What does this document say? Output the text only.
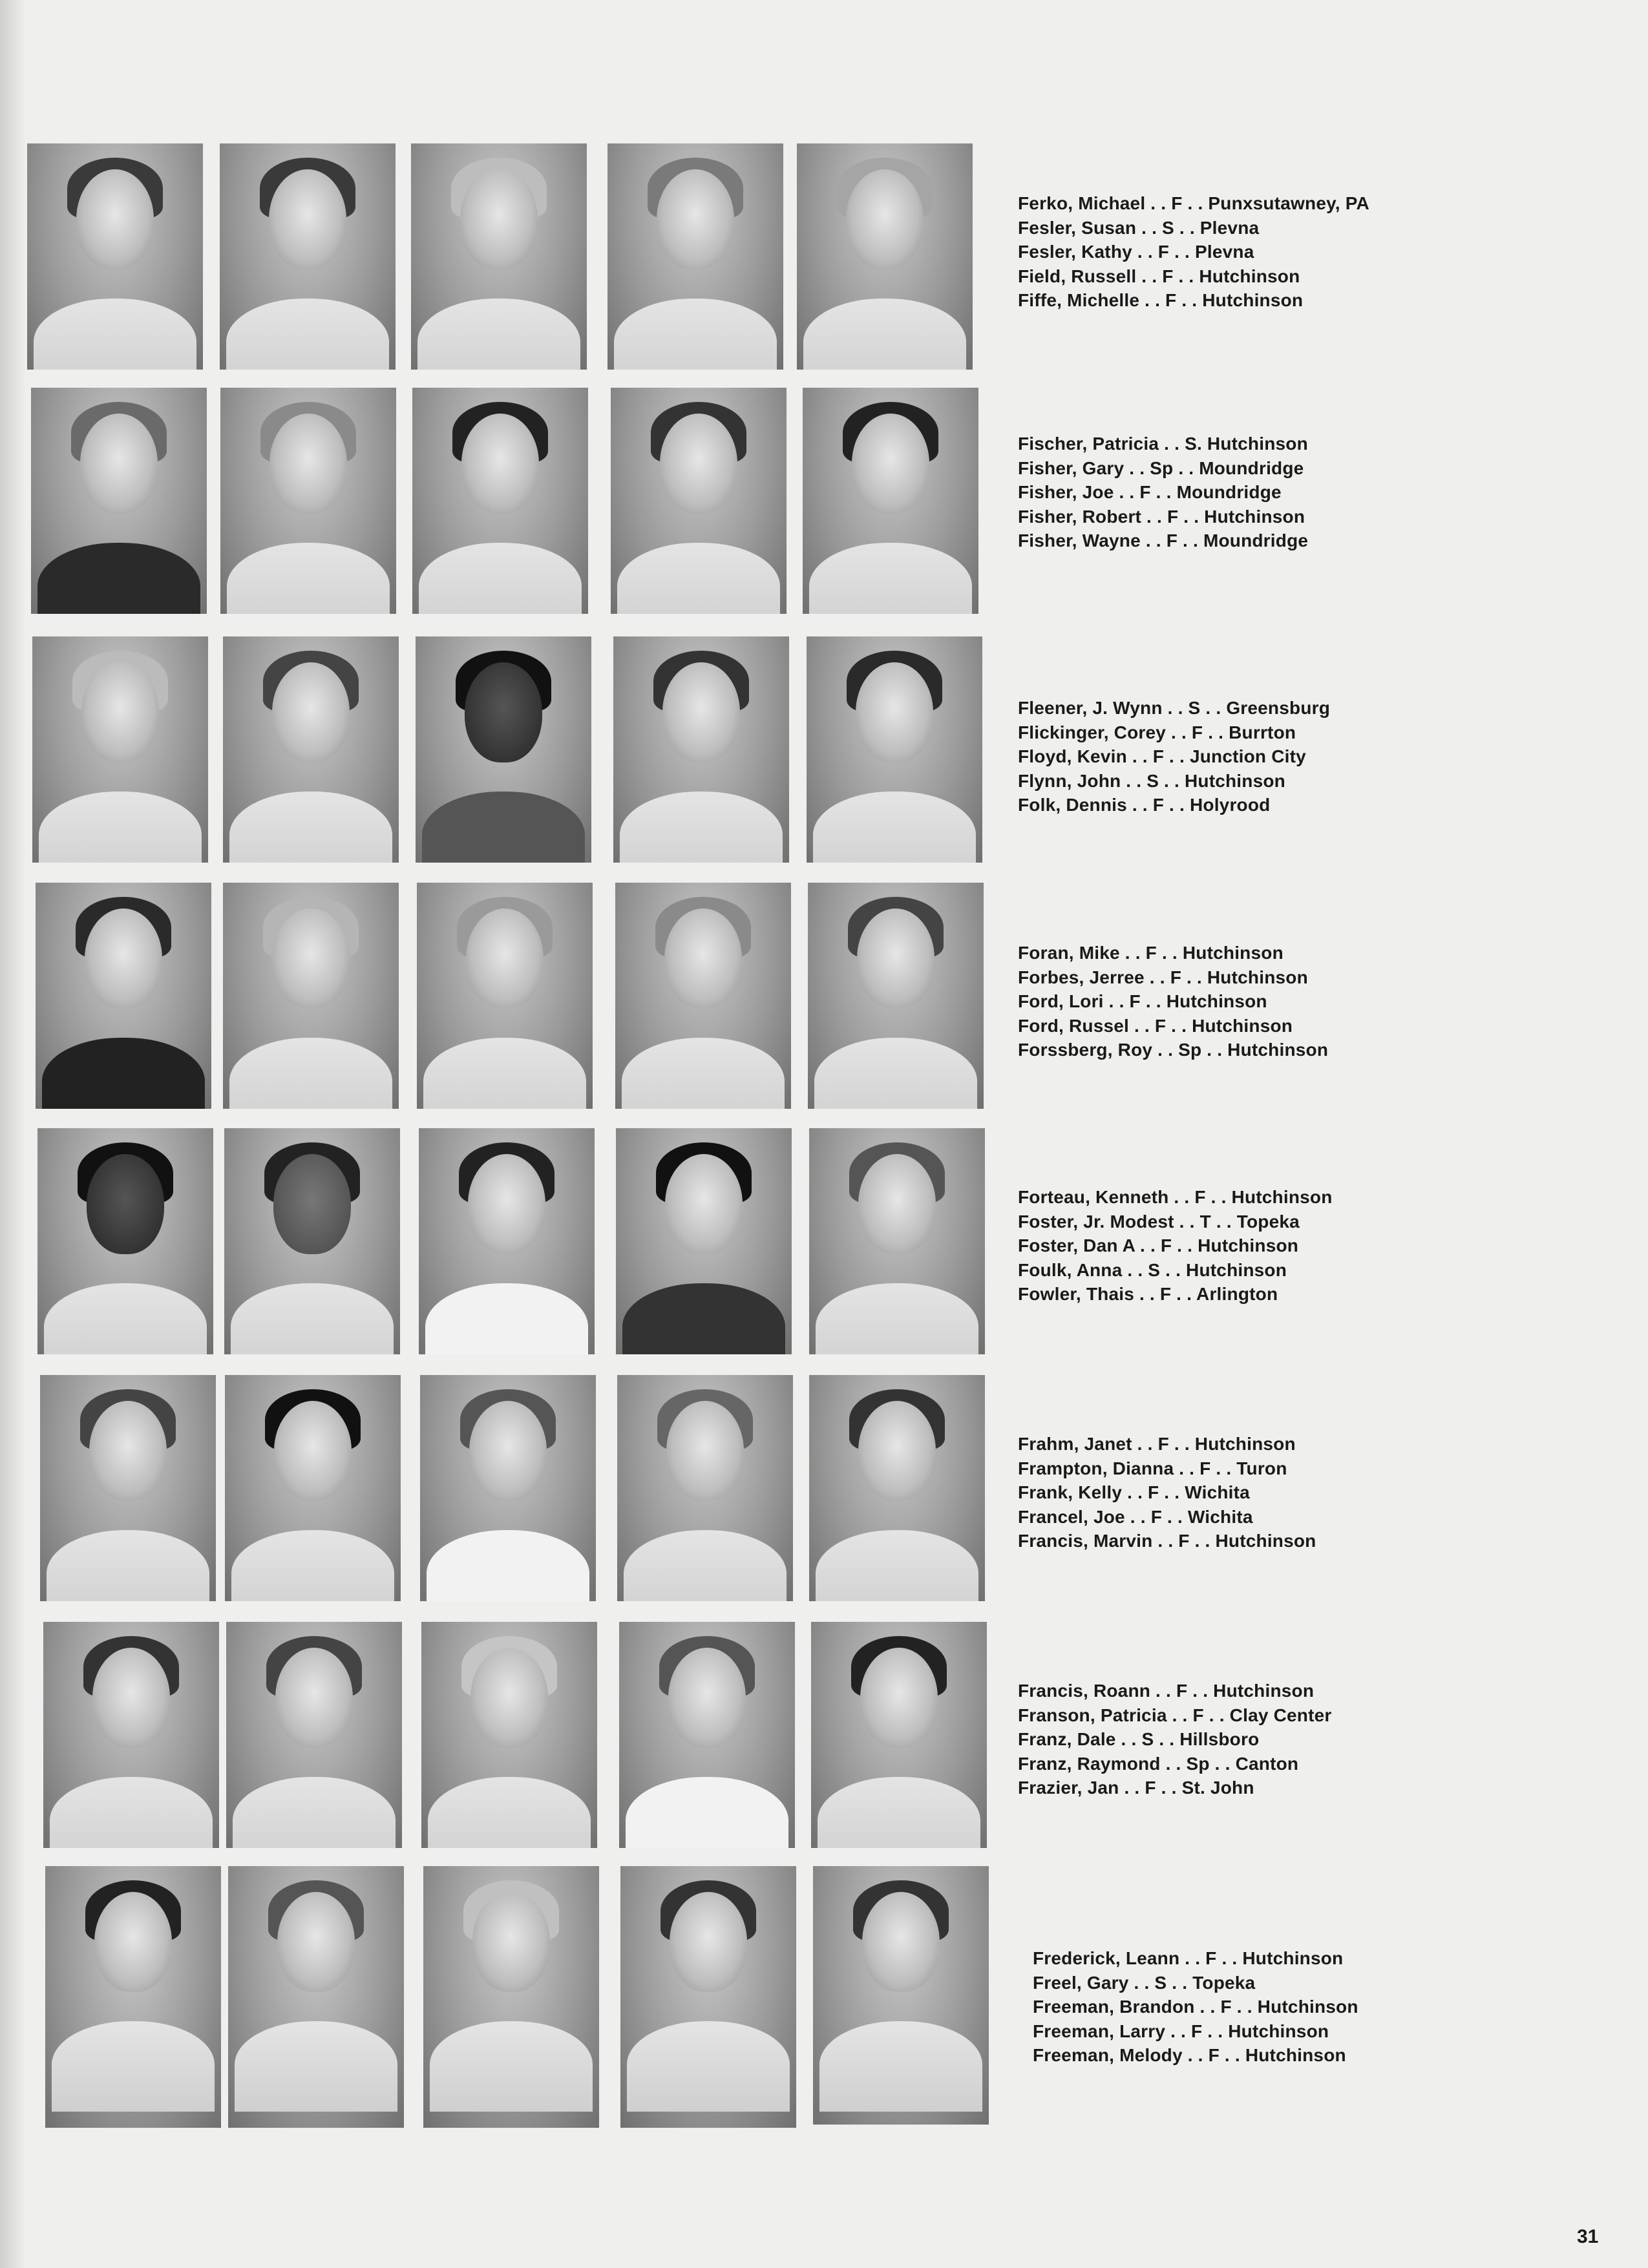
Ferko, Michael . . F . . Punxsutawney, PA
Fesler, Susan . . S . . Plevna
Fesler, Kathy . . F . . Plevna
Field, Russell . . F . . Hutchinson
Fiffe, Michelle . . F . . Hutchinson
Fischer, Patricia . . S. Hutchinson
Fisher, Gary . . Sp . . Moundridge
Fisher, Joe . . F . . Moundridge
Fisher, Robert . . F . . Hutchinson
Fisher, Wayne . . F . . Moundridge
Fleener, J. Wynn . . S . . Greensburg
Flickinger, Corey . . F . . Burrton
Floyd, Kevin . . F . . Junction City
Flynn, John . . S . . Hutchinson
Folk, Dennis . . F . . Holyrood
Foran, Mike . . F . . Hutchinson
Forbes, Jerree . . F . . Hutchinson
Ford, Lori . . F . . Hutchinson
Ford, Russel . . F . . Hutchinson
Forssberg, Roy . . Sp . . Hutchinson
Forteau, Kenneth . . F . . Hutchinson
Foster, Jr. Modest . . T . . Topeka
Foster, Dan A . . F . . Hutchinson
Foulk, Anna . . S . . Hutchinson
Fowler, Thais . . F . . Arlington
Frahm, Janet . . F . . Hutchinson
Frampton, Dianna . . F . . Turon
Frank, Kelly . . F . . Wichita
Francel, Joe . . F . . Wichita
Francis, Marvin . . F . . Hutchinson
Francis, Roann . . F . . Hutchinson
Franson, Patricia . . F . . Clay Center
Franz, Dale . . S . . Hillsboro
Franz, Raymond . . Sp . . Canton
Frazier, Jan . . F . . St. John
Frederick, Leann . . F . . Hutchinson
Freel, Gary . . S . . Topeka
Freeman, Brandon . . F . . Hutchinson
Freeman, Larry . . F . . Hutchinson
Freeman, Melody . . F . . Hutchinson
31
